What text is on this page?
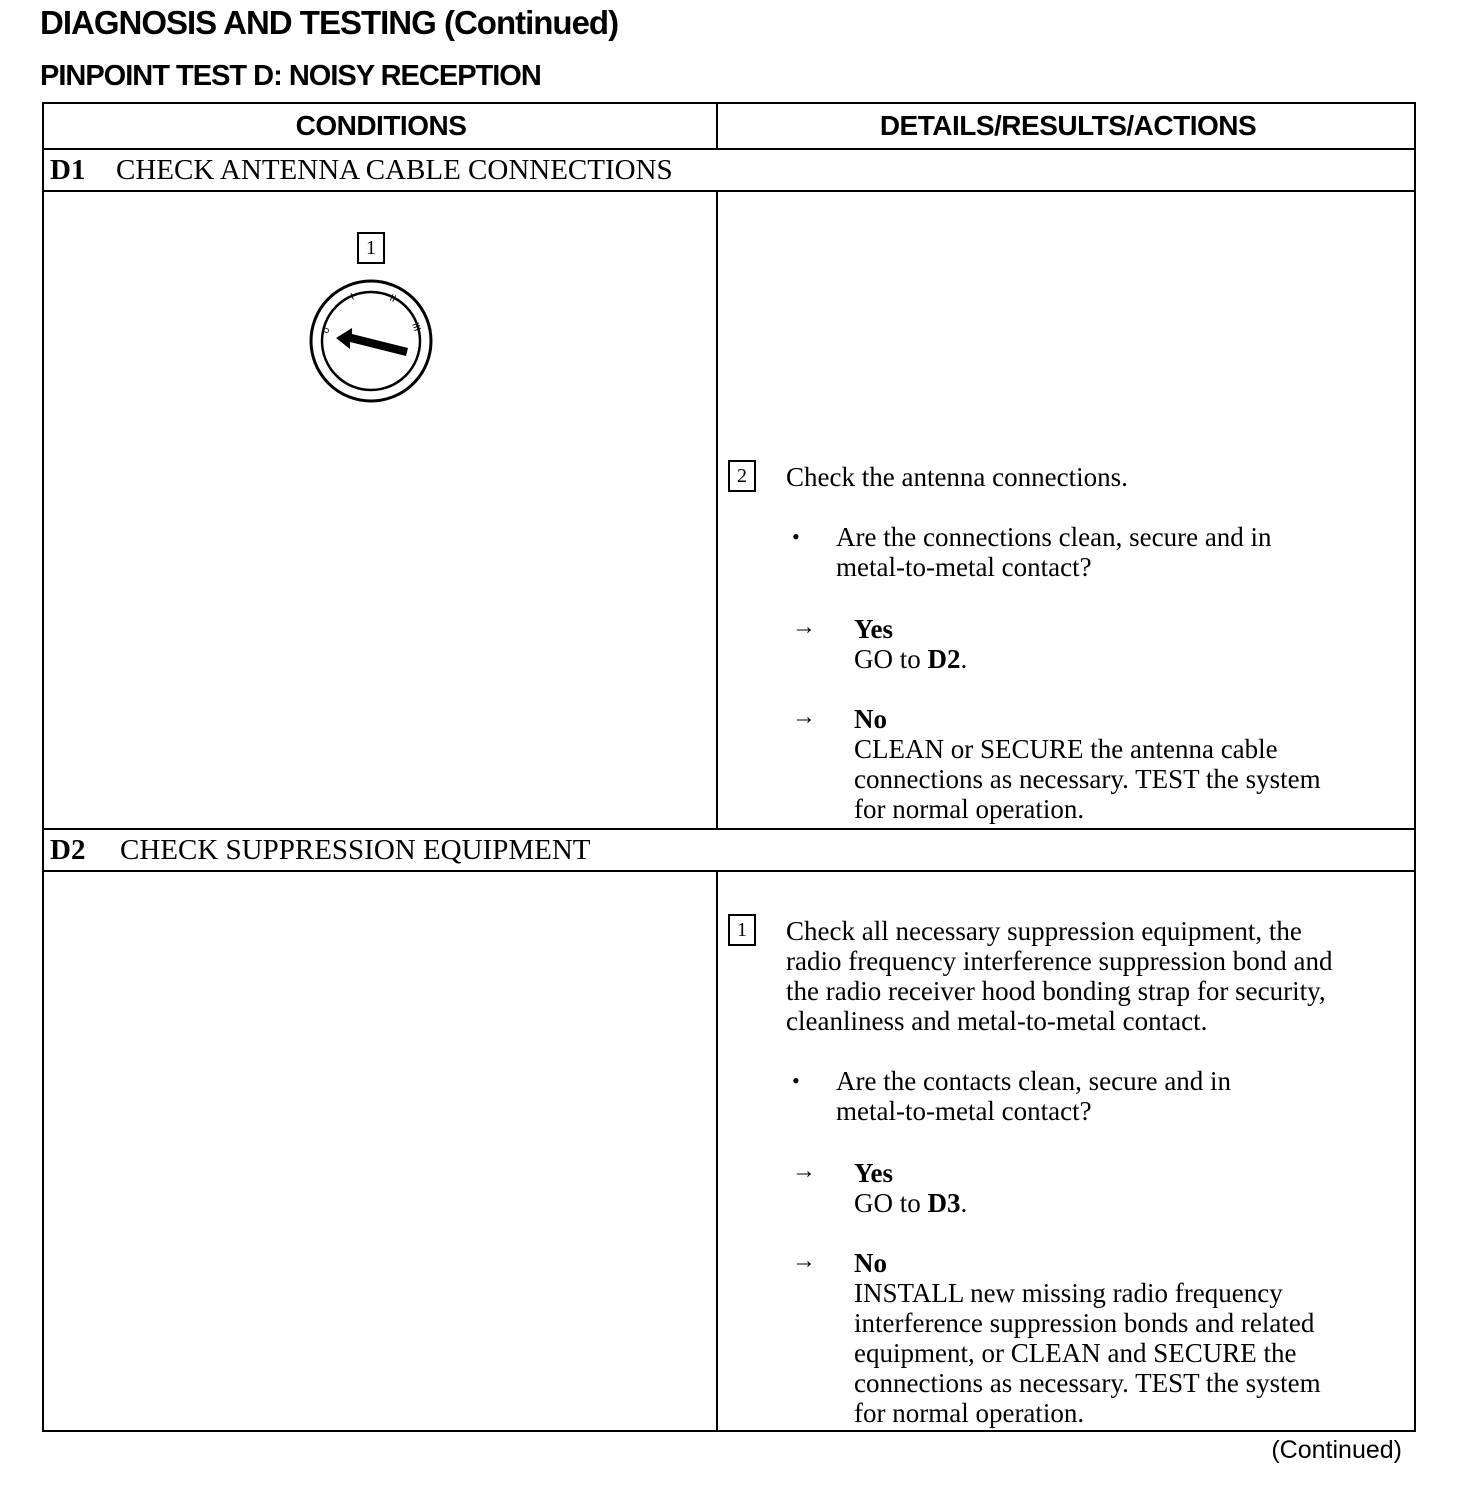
DIAGNOSIS AND TESTING (Continued)
PINPOINT TEST D: NOISY RECEPTION
CONDITIONS	DETAILS/RESULTS/ACTIONS
D1 CHECK ANTENNA CABLE CONNECTIONS
1
0
I	II
III
2	Check the antenna connections.
• Are the connections clean, secure and in
metal-to-metal contact?
→ Yes
GO to D2.
→ No
CLEAN or SECURE the antenna cable
connections as necessary. TEST the system
for normal operation.
D2 CHECK SUPPRESSION EQUIPMENT
1	Check all necessary suppression equipment, the
radio frequency interference suppression bond and
the radio receiver hood bonding strap for security,
cleanliness and metal-to-metal contact.
• Are the contacts clean, secure and in
metal-to-metal contact?
→ Yes
GO to D3.
→ No
INSTALL new missing radio frequency
interference suppression bonds and related
equipment, or CLEAN and SECURE the
connections as necessary. TEST the system
for normal operation.
(Continued)
